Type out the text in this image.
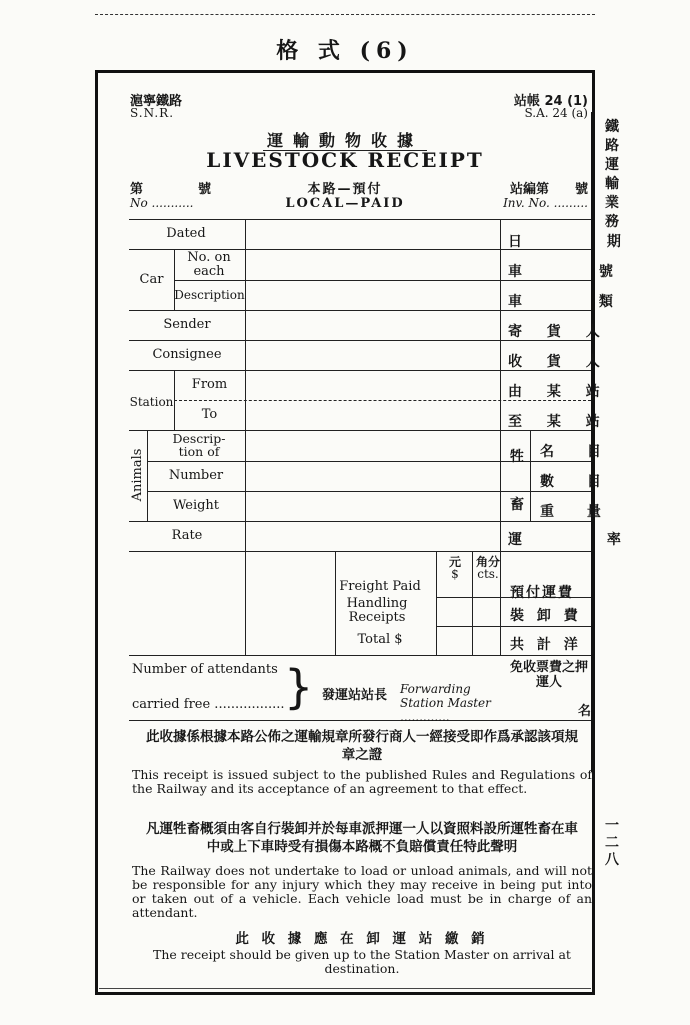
格 式 (6)
鐵路運輸業務
一二八
滬寧鐵路
S.N.R.
站帳 24 (1)
S.A. 24 (a)
運輸動物收據
LIVESTOCK RECEIPT
第　　　號
No ...........
本路—預付
LOCAL—PAID
站編第　　號
Inv. No. .........
Dated
Car
No. on each
Description
Sender
Consignee
Station
From
To
Animals
Descrip- tion of
Number
Weight
Rate
日 期
車 號
車 類
寄 貨 人
收 貨 人
由 某 站
至 某 站
牲
畜
名 目
數 目
重 量
運 率
元
$
角分
cts.
Freight Paid
Handling Receipts
Total $
預付運費
裝 卸 費
共 計 洋
Number of attendants
carried free ................. } 發運站站長 Forwarding Station Master .............
免收票費之押運人
名
此收據係根據本路公佈之運輸規章所發行商人一經接受即作爲承認該項規章之證
This receipt is issued subject to the published Rules and Regulations of the Railway and its acceptance of an agreement to that effect.
凡運牲畜概須由客自行裝卸并於每車派押運一人以資照料設所運牲畜在車中或上下車時受有損傷本路概不負賠償責任特此聲明
The Railway does not undertake to load or unload animals, and will not be responsible for any injury which they may receive in being put into or taken out of a vehicle. Each vehicle load must be in charge of an attendant.
此 收 據 應 在 卸 運 站 繳 銷
The receipt should be given up to the Station Master on arrival at destination.
